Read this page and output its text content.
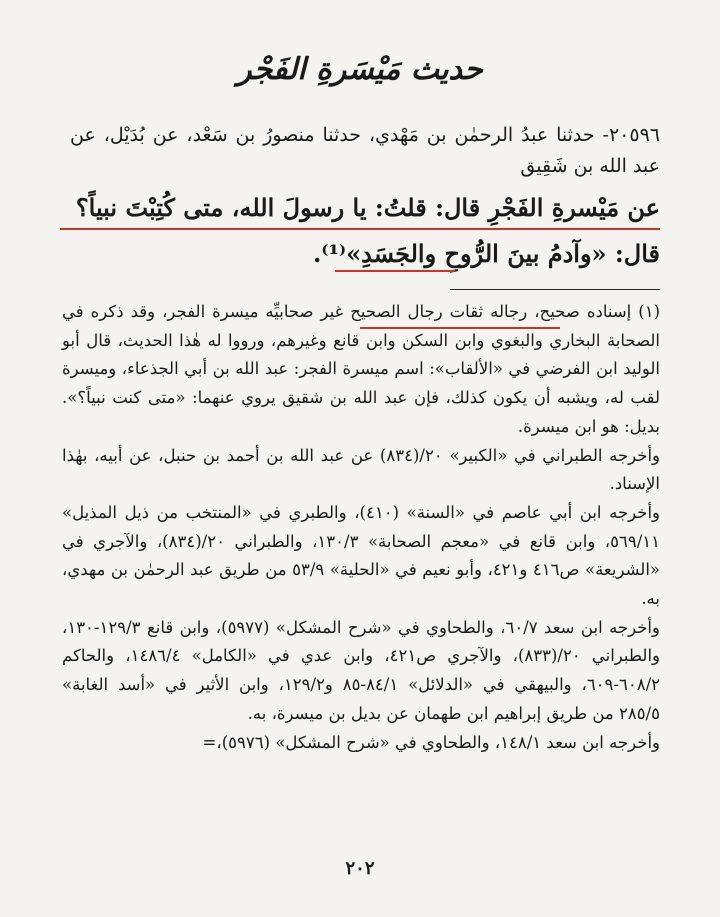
حديث مَيْسَرةِ الفَجْر
٢٠٥٩٦- حدثنا عبدُ الرحمٰن بن مَهْدي، حدثنا منصورُ بن سَعْد، عن بُدَيْل، عن عبد الله بن شَقِيق
عن مَيْسرةِ الفَجْرِ قال: قلتُ: يا رسولَ الله، متى كُتِبْتَ نبياً؟
قال: «وآدمُ بينَ الرُّوحِ والجَسَدِ»⁽¹⁾.

(١) إسناده صحيح، رجاله ثقات رجال الصحيح غير صحابيِّه ميسرة الفجر، وقد ذكره في الصحابة البخاري والبغوي وابن السكن وابن قانع وغيرهم، ورووا له هٰذا الحديث، قال أبو الوليد ابن الفرضي في «الألقاب»: اسم ميسرة الفجر: عبد الله بن أبي الجذعاء، وميسرة لقب له، ويشبه أن يكون كذلك، فإن عبد الله بن شقيق يروي عنهما: «متى كنت نبياً؟». بديل: هو ابن ميسرة.

وأخرجه الطبراني في «الكبير» ٢٠/(٨٣٤) عن عبد الله بن أحمد بن حنبل، عن أبيه، بهٰذا الإسناد.

وأخرجه ابن أبي عاصم في «السنة» (٤١٠)، والطبري في «المنتخب من ذيل المذيل» ٥٦٩/١١، وابن قانع في «معجم الصحابة» ١٣٠/٣، والطبراني ٢٠/(٨٣٤)، والآجري في «الشريعة» ص٤١٦ و٤٢١، وأبو نعيم في «الحلية» ٥٣/٩ من طريق عبد الرحمٰن بن مهدي، به.

وأخرجه ابن سعد ٦٠/٧، والطحاوي في «شرح المشكل» (٥٩٧٧)، وابن قانع ١٢٩/٣-١٣٠، والطبراني ٢٠/(٨٣٣)، والآجري ص٤٢١، وابن عدي في «الكامل» ١٤٨٦/٤، والحاكم ٦٠٨/٢-٦٠٩، والبيهقي في «الدلائل» ٨٤/١-٨٥ و١٢٩/٢، وابن الأثير في «أسد الغابة» ٢٨٥/٥ من طريق إبراهيم ابن طهمان عن بديل بن ميسرة، به.

وأخرجه ابن سعد ١٤٨/١، والطحاوي في «شرح المشكل» (٥٩٧٦)،=

٢٠٢
